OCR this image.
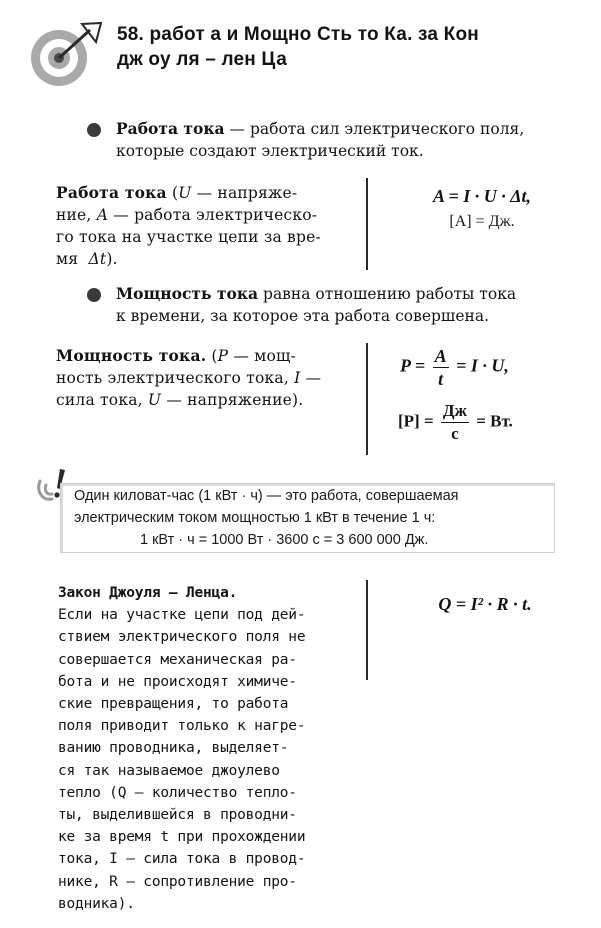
58. работ а и Мощно Сть то Ка. за Кон
дж оу ля – лен Ца
Работа тока — работа сил электрического поля,
которые создают электрический ток.
Работа тока (U — напряже-
ние, A — работа электрическо-
го тока на участке цепи за вре-
мя  Δt).
A = I · U · Δt,
[A] = Дж.
Мощность тока равна отношению работы тока
к времени, за которое эта работа совершена.
Мощность тока. (P — мощ-
ность электрического тока, I —
сила тока, U — напряжение).
$P = \frac{A}{t} = I \cdot U$,
$[P] = \frac{Дж}{с}$ = Вт.
Один киловат-час (1 кВт · ч) — это работа, совершаемая
электрическим током мощностью 1 кВт в течение 1 ч:
1 кВт · ч = 1000 Вт · 3600 с = 3 600 000 Дж.
Закон Джоуля – Ленца.
Если на участке цепи под дей-
ствием электрического поля не
совершается механическая ра-
бота и не происходят химиче-
ские превращения, то работа
поля приводит только к нагре-
ванию проводника, выделяет-
ся так называемое джоулево
тепло (Q — количество тепло-
ты, выделившейся в проводни-
ке за время t при прохождении
тока, I — сила тока в провод-
нике, R — сопротивление про-
водника).
Q = I² · R · t.
